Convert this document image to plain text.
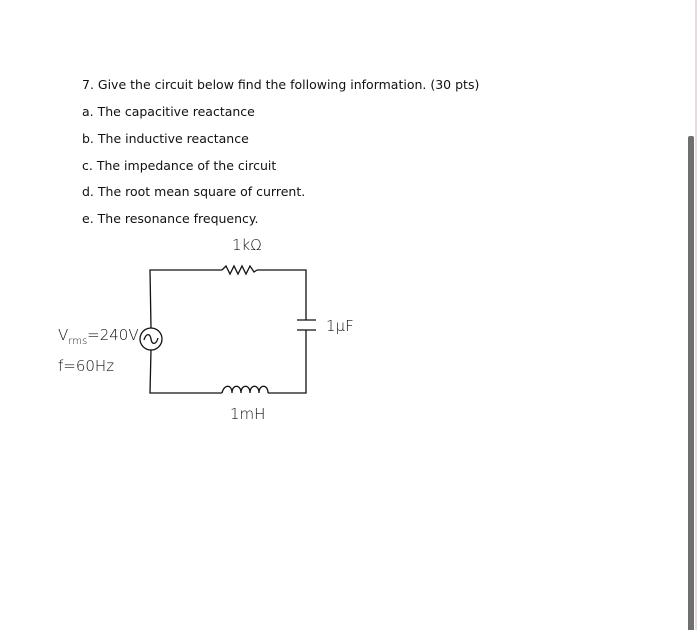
7. Give the circuit below find the following information. (30 pts)
a. The capacitive reactance
b. The inductive reactance
c. The impedance of the circuit
d. The root mean square of current.
e. The resonance frequency.
1kΩ
1μF
1mH
$V_{rms}=240V$
f=60Hz
